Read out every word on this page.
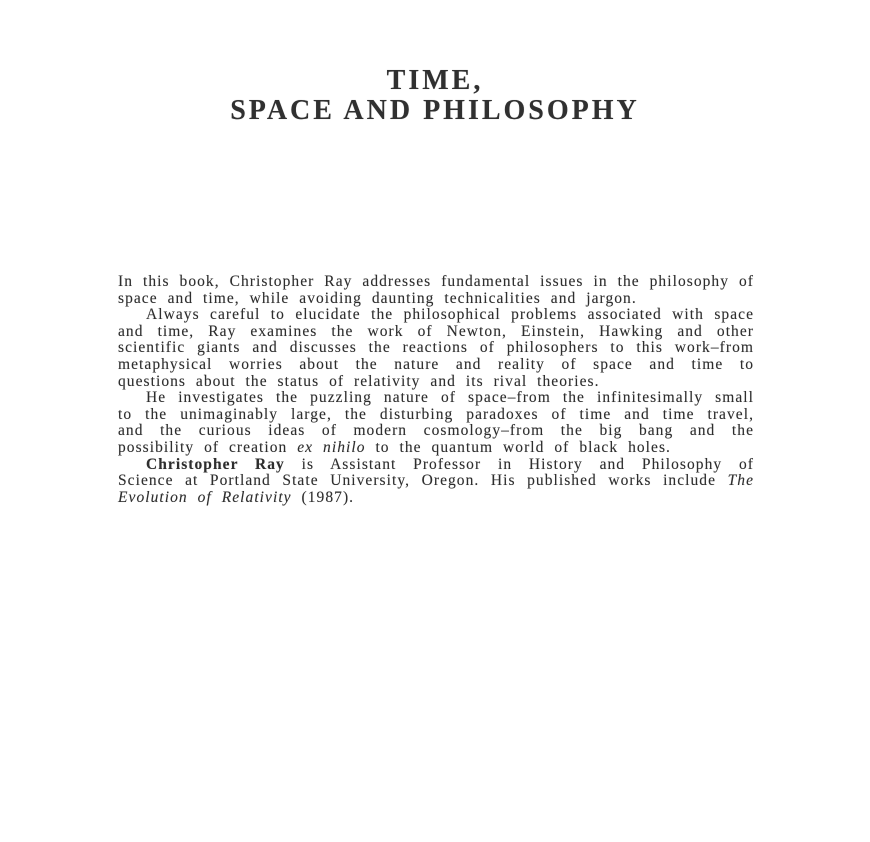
TIME,
SPACE AND PHILOSOPHY

In this book, Christopher Ray addresses fundamental issues in the philosophy of space and time, while avoiding daunting technicalities and jargon.

Always careful to elucidate the philosophical problems associated with space and time, Ray examines the work of Newton, Einstein, Hawking and other scientific giants and discusses the reactions of philosophers to this work–from metaphysical worries about the nature and reality of space and time to questions about the status of relativity and its rival theories.

He investigates the puzzling nature of space–from the infinitesimally small to the unimaginably large, the disturbing paradoxes of time and time travel, and the curious ideas of modern cosmology–from the big bang and the possibility of creation ex nihilo to the quantum world of black holes.

Christopher Ray is Assistant Professor in History and Philosophy of Science at Portland State University, Oregon. His published works include The Evolution of Relativity (1987).
